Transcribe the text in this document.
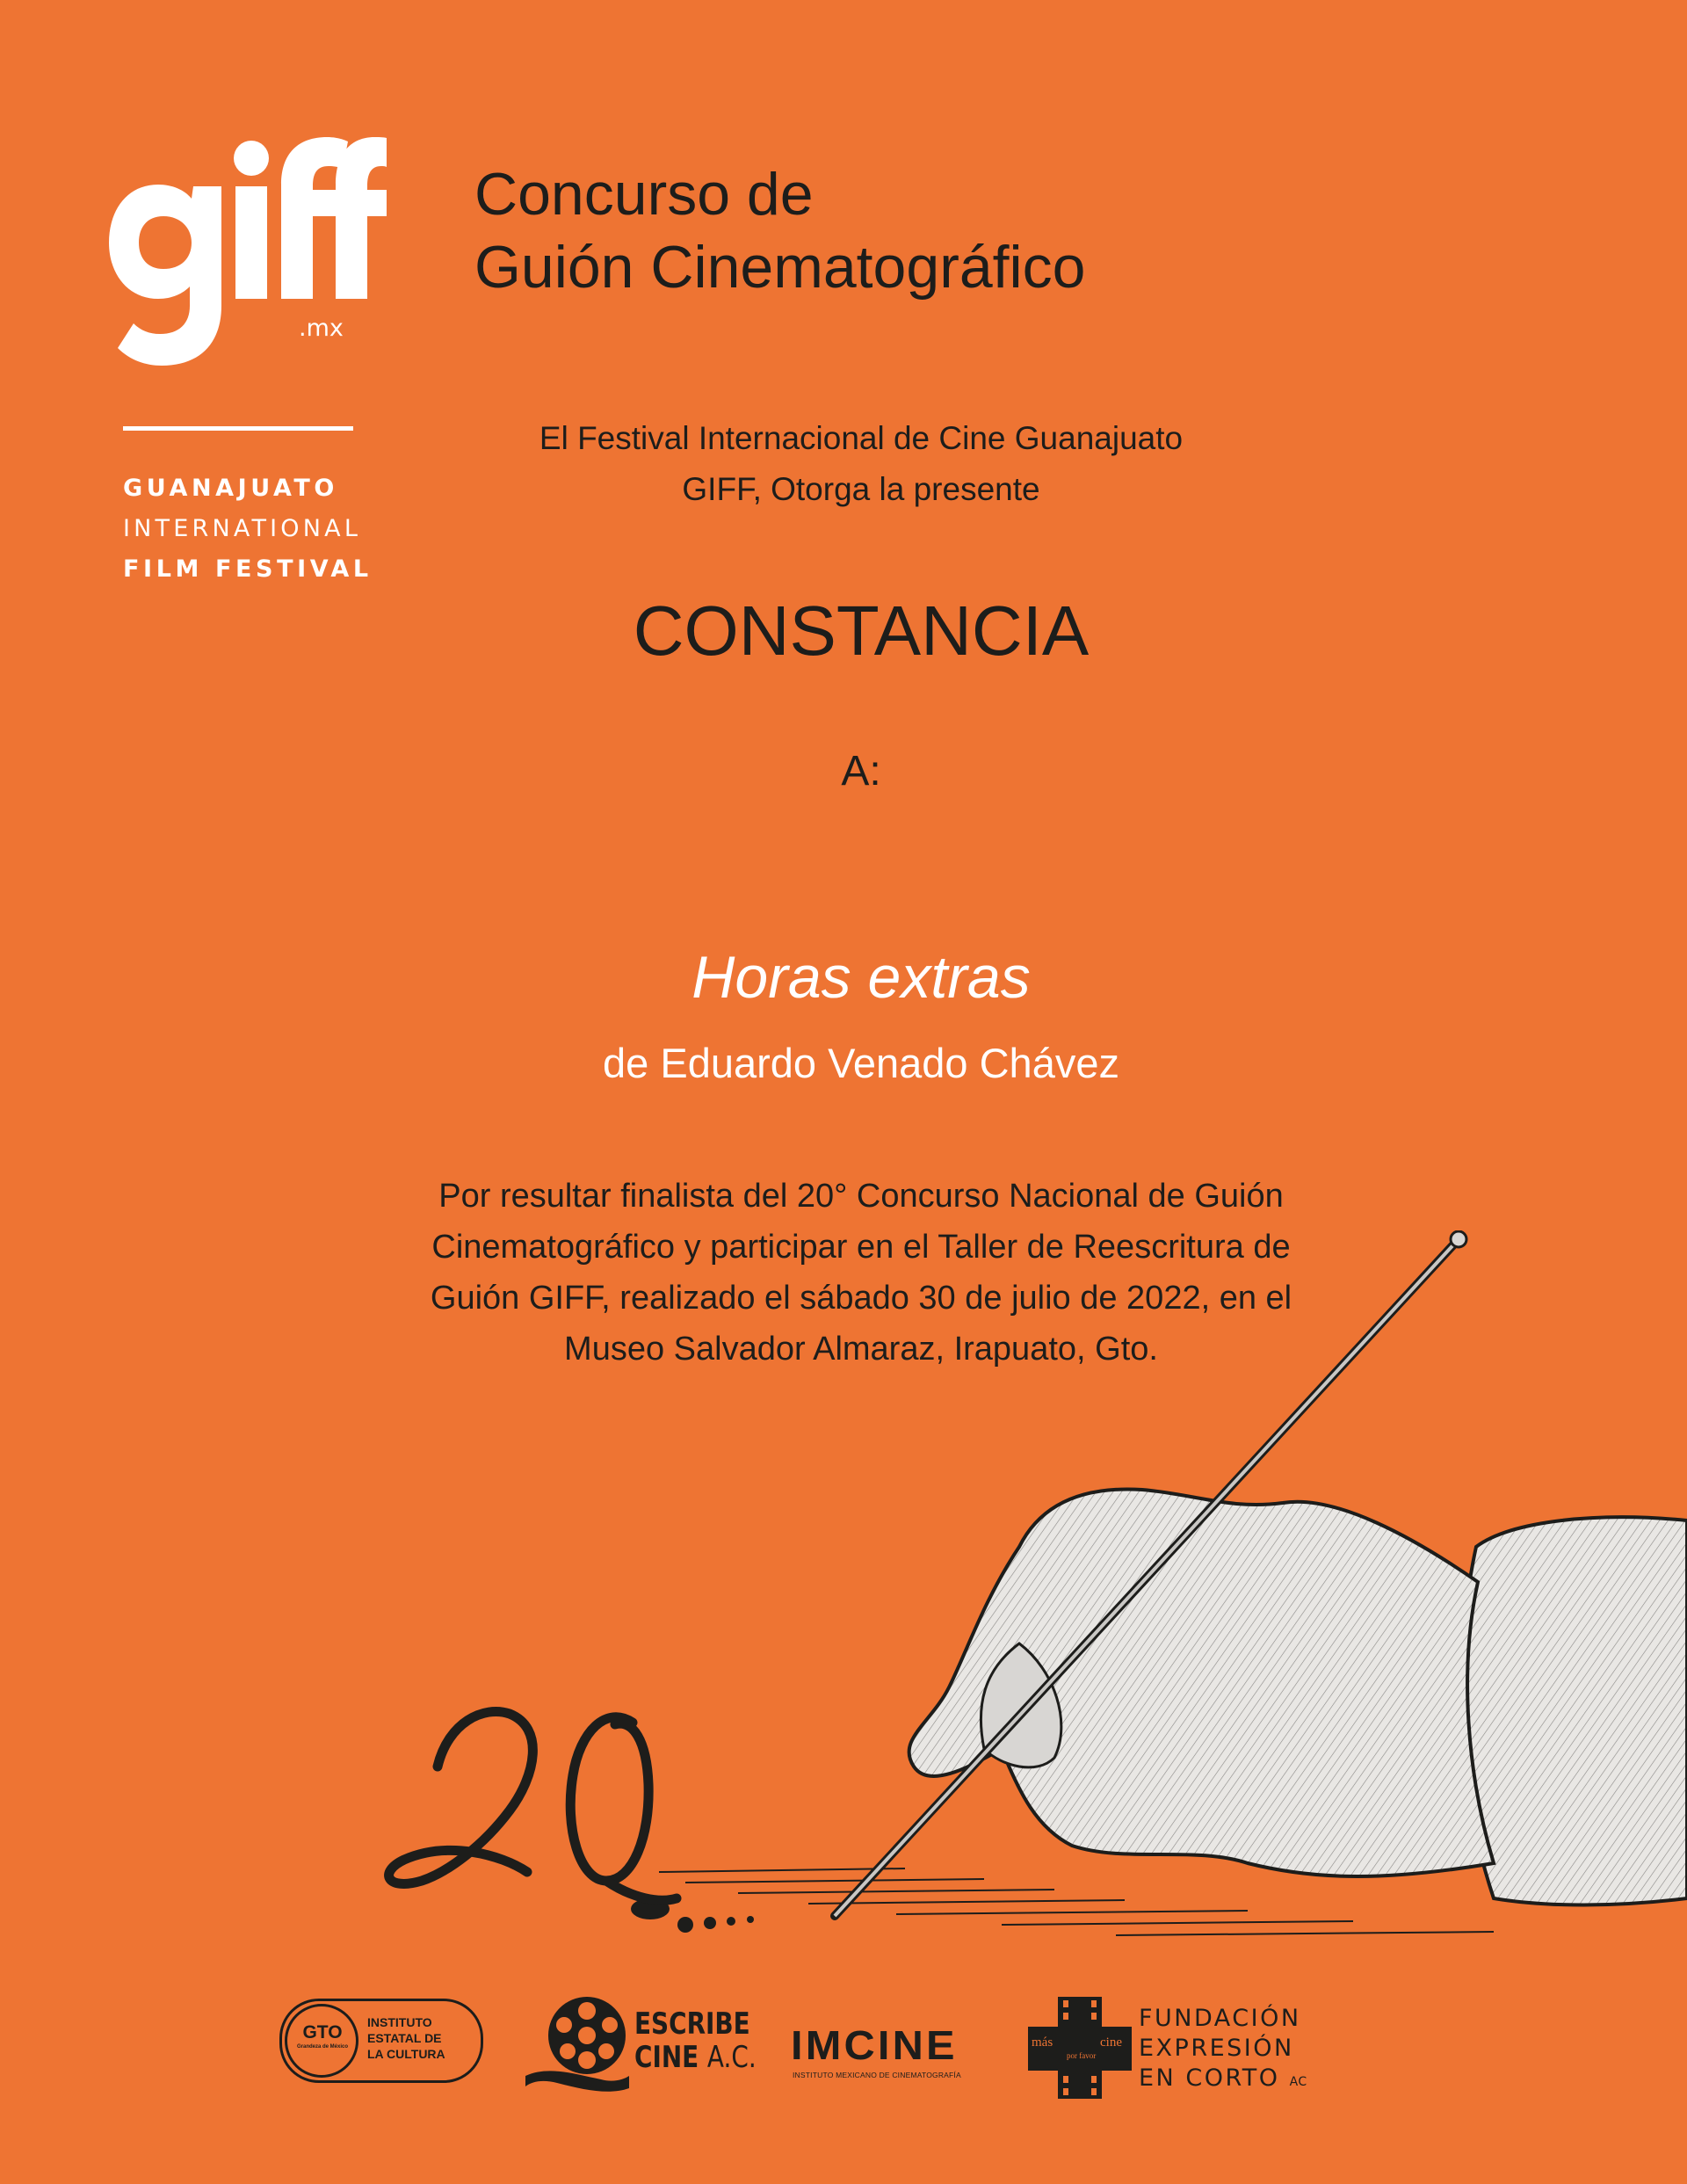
.mx
GUANAJUATO
INTERNATIONAL
FILM FESTIVAL
Concurso de
Guión Cinematográfico
El Festival Internacional de Cine Guanajuato
GIFF, Otorga la presente
CONSTANCIA
A:
Horas extras
de Eduardo Venado Chávez
Por resultar finalista del 20° Concurso Nacional de Guión
Cinematográfico y participar en el Taller de Reescritura de
Guión GIFF, realizado el sábado 30 de julio de 2022, en el
Museo Salvador Almaraz, Irapuato, Gto.
GTO
Grandeza de México
INSTITUTO
ESTATAL DE
LA CULTURA
ESCRIBE
CINE A.C. IMCINE
INSTITUTO MEXICANO DE CINEMATOGRAFÍA
más	cine
por favor
FUNDACIÓN
EXPRESIÓN
EN CORTO AC
